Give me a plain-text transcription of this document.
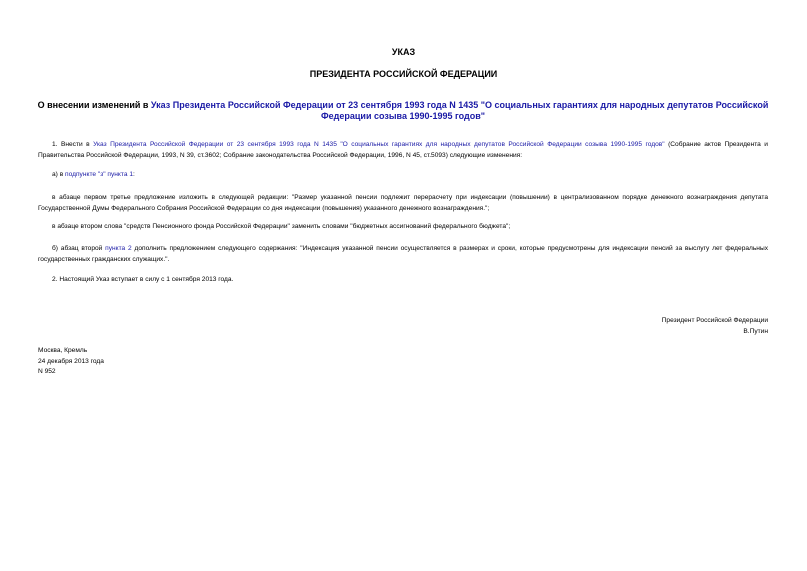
УКАЗ
ПРЕЗИДЕНТА РОССИЙСКОЙ ФЕДЕРАЦИИ
О внесении изменений в Указ Президента Российской Федерации от 23 сентября 1993 года N 1435 "О социальных гарантиях для народных депутатов Российской Федерации созыва 1990-1995 годов"
1. Внести в Указ Президента Российской Федерации от 23 сентября 1993 года N 1435 "О социальных гарантиях для народных депутатов Российской Федерации созыва 1990-1995 годов" (Собрание актов Президента и Правительства Российской Федерации, 1993, N 39, ст.3602; Собрание законодательства Российской Федерации, 1996, N 45, ст.5093) следующие изменения:
а) в подпункте "з" пункта 1:
в абзаце первом третье предложение изложить в следующей редакции: "Размер указанной пенсии подлежит перерасчету при индексации (повышении) в централизованном порядке денежного вознаграждения депутата Государственной Думы Федерального Собрания Российской Федерации со дня индексации (повышения) указанного денежного вознаграждения.";
в абзаце втором слова "средств Пенсионного фонда Российской Федерации" заменить словами "бюджетных ассигнований федерального бюджета";
б) абзац второй пункта 2 дополнить предложением следующего содержания: "Индексация указанной пенсии осуществляется в размерах и сроки, которые предусмотрены для индексации пенсий за выслугу лет федеральных государственных гражданских служащих.".
2. Настоящий Указ вступает в силу с 1 сентября 2013 года.
Президент Российской Федерации
В.Путин
Москва, Кремль
24 декабря 2013 года
N 952
